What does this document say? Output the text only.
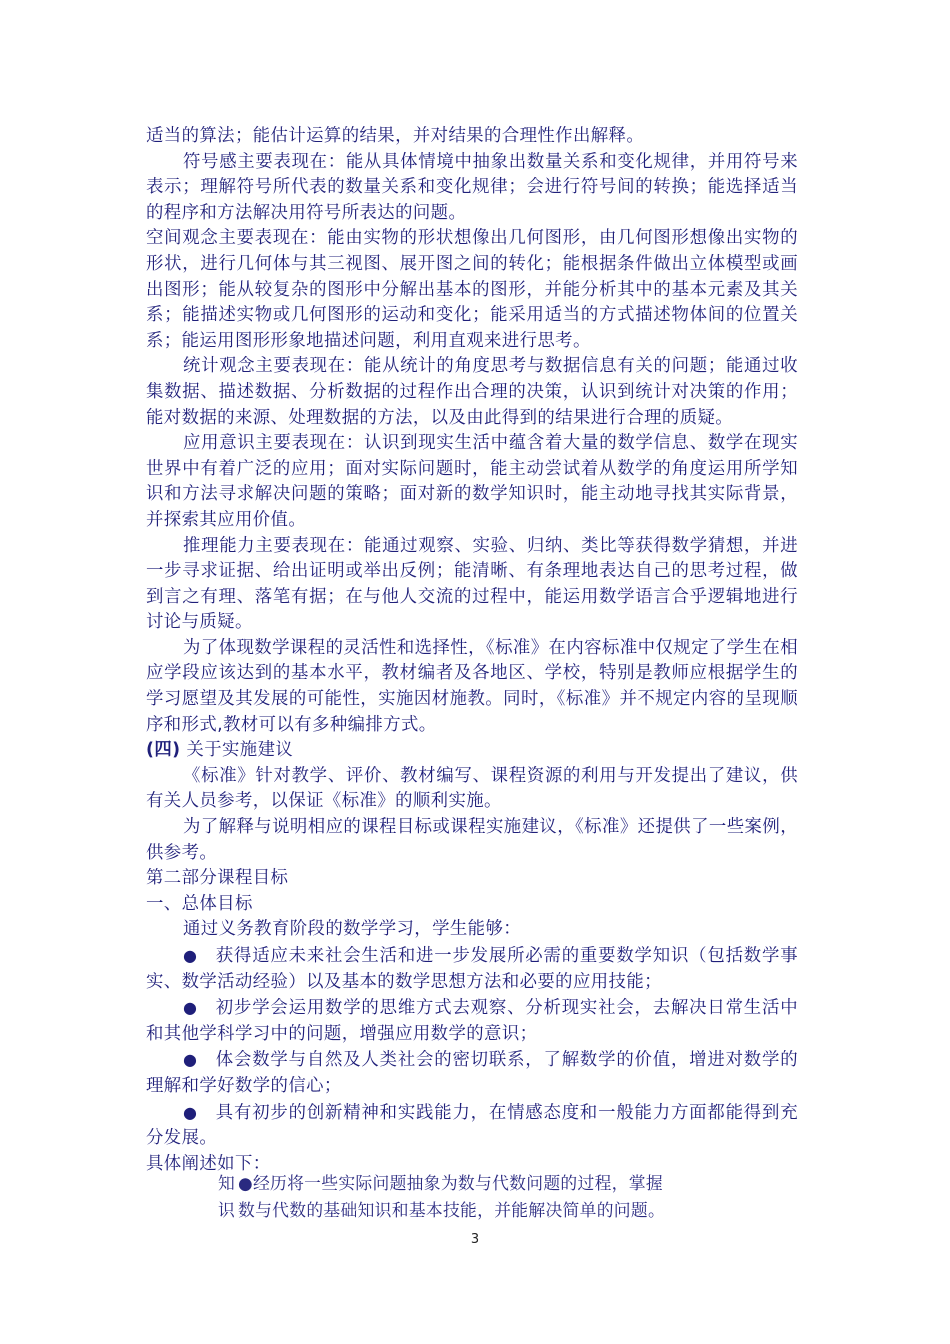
适当的算法；能估计运算的结果，并对结果的合理性作出解释。

符号感主要表现在：能从具体情境中抽象出数量关系和变化规律，并用符号来表示；理解符号所代表的数量关系和变化规律；会进行符号间的转换；能选择适当的程序和方法解决用符号所表达的问题。

空间观念主要表现在：能由实物的形状想像出几何图形，由几何图形想像出实物的形状，进行几何体与其三视图、展开图之间的转化；能根据条件做出立体模型或画出图形；能从较复杂的图形中分解出基本的图形，并能分析其中的基本元素及其关系；能描述实物或几何图形的运动和变化；能采用适当的方式描述物体间的位置关系；能运用图形形象地描述问题，利用直观来进行思考。

统计观念主要表现在：能从统计的角度思考与数据信息有关的问题；能通过收集数据、描述数据、分析数据的过程作出合理的决策，认识到统计对决策的作用；能对数据的来源、处理数据的方法，以及由此得到的结果进行合理的质疑。

应用意识主要表现在：认识到现实生活中蕴含着大量的数学信息、数学在现实世界中有着广泛的应用；面对实际问题时，能主动尝试着从数学的角度运用所学知识和方法寻求解决问题的策略；面对新的数学知识时，能主动地寻找其实际背景，并探索其应用价值。

推理能力主要表现在：能通过观察、实验、归纳、类比等获得数学猜想，并进一步寻求证据、给出证明或举出反例；能清晰、有条理地表达自己的思考过程，做到言之有理、落笔有据；在与他人交流的过程中，能运用数学语言合乎逻辑地进行讨论与质疑。

为了体现数学课程的灵活性和选择性，《标准》在内容标准中仅规定了学生在相应学段应该达到的基本水平，教材编者及各地区、学校，特别是教师应根据学生的学习愿望及其发展的可能性，实施因材施教。同时，《标准》并不规定内容的呈现顺序和形式,教材可以有多种编排方式。

(四) 关于实施建议

《标准》针对教学、评价、教材编写、课程资源的利用与开发提出了建议，供有关人员参考，以保证《标准》的顺利实施。

为了解释与说明相应的课程目标或课程实施建议，《标准》还提供了一些案例，供参考。

第二部分课程目标

一、总体目标

通过义务教育阶段的数学学习，学生能够：

● 获得适应未来社会生活和进一步发展所必需的重要数学知识（包括数学事实、数学活动经验）以及基本的数学思想方法和必要的应用技能；

● 初步学会运用数学的思维方式去观察、分析现实社会，去解决日常生活中和其他学科学习中的问题，增强应用数学的意识；

● 体会数学与自然及人类社会的密切联系，了解数学的价值，增进对数学的理解和学好数学的信心；

● 具有初步的创新精神和实践能力，在情感态度和一般能力方面都能得到充分发展。

具体阐述如下：

知 ●经历将一些实际问题抽象为数与代数问题的过程，掌握

识 数与代数的基础知识和基本技能，并能解决简单的问题。

3
